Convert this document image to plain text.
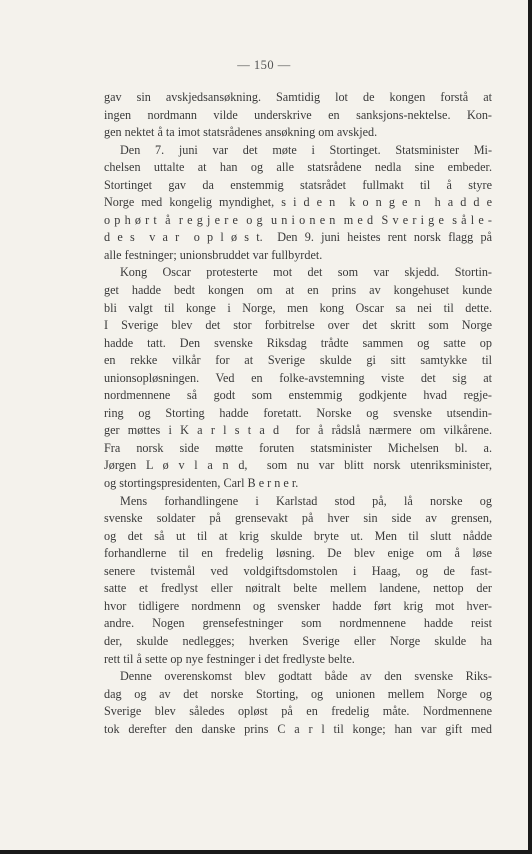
— 150 —
gav sin avskjedsansøkning. Samtidig lot de kongen forstå at
ingen nordmann vilde underskrive en sanksjons-nektelse. Kon-
gen nektet å ta imot statsrådenes ansøkning om avskjed.
Den 7. juni var det møte i Stortinget. Statsminister Mi-
chelsen uttalte at han og alle statsrådene nedla sine embeder.
Stortinget gav da enstemmig statsrådet fullmakt til å styre
Norge med kongelig myndighet, s i d e n  k o n g e n  h a d d e
o p h ø r t  å  r e g j e r e  o g  u n i o n e n  m e d  S v e r i g e  s å l e -
d e s  v a r  o p l ø s t.  Den 9. juni heistes rent norsk flagg på
alle festninger; unionsbruddet var fullbyrdet.
Kong Oscar protesterte mot det som var skjedd. Stortin-
get hadde bedt kongen om at en prins av kongehuset kunde
bli valgt til konge i Norge, men kong Oscar sa nei til dette.
I Sverige blev det stor forbitrelse over det skritt som Norge
hadde tatt. Den svenske Riksdag trådte sammen og satte op
en rekke vilkår for at Sverige skulde gi sitt samtykke til
unionsopløsningen. Ved en folke-avstemning viste det sig at
nordmennene så godt som enstemmig godkjente hvad regje-
ring og Storting hadde foretatt. Norske og svenske utsendin-
ger møttes i K a r l s t a d  for å rådslå nærmere om vilkårene.
Fra norsk side møtte foruten statsminister Michelsen bl. a.
Jørgen L ø v l a n d,  som nu var blitt norsk utenriksminister,
og stortingspresidenten, Carl B e r n e r.
Mens forhandlingene i Karlstad stod på, lå norske og
svenske soldater på grensevakt på hver sin side av grensen,
og det så ut til at krig skulde bryte ut. Men til slutt nådde
forhandlerne til en fredelig løsning. De blev enige om å løse
senere tvistemål ved voldgiftsdomstolen i Haag, og de fast-
satte et fredlyst eller nøitralt belte mellem landene, nettop der
hvor tidligere nordmenn og svensker hadde ført krig mot hver-
andre. Nogen grensefestninger som nordmennene hadde reist
der, skulde nedlegges; hverken Sverige eller Norge skulde ha
rett til å sette op nye festninger i det fredlyste belte.
Denne overenskomst blev godtatt både av den svenske Riks-
dag og av det norske Storting, og unionen mellem Norge og
Sverige blev således opløst på en fredelig måte. Nordmennene
tok derefter den danske prins C a r l til konge; han var gift med
